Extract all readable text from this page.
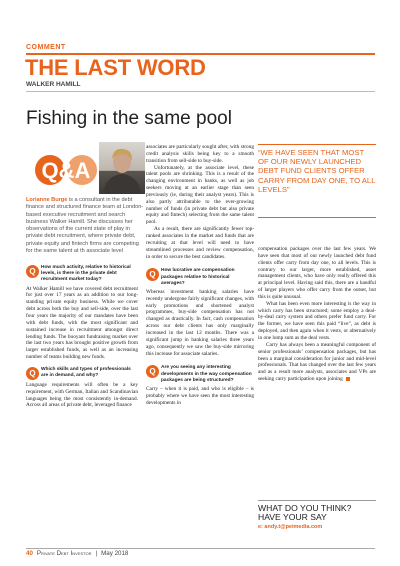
COMMENT
THE LAST WORD
WALKER HAMILL
Fishing in the same pool
Q&A
Lorianne Burge is a consultant in the debt finance and structured finance team at London-based executive recruitment and search business Walker Hamill. She discusses her observations of the current state of play in private debt recruitment, where private debt, private equity and fintech firms are competing for the same talent at th associate level
Q	How much activity, relative to historical levels, is there in the private debt recruitment market today?

At Walker Hamill we have covered debt recruitment for just over 17 years as an addition to our long-standing private equity business. While we cover debt across both the buy and sell-side, over the last four years the majority of our mandates have been with debt funds, with the most significant and sustained increase in recruitment amongst direct lending funds. The buoyant fundraising market over the last two years has brought positive growth from larger established funds, as well as an increasing number of teams building new funds.

Q	Which skills and types of professionals are in demand, and why?

Language requirements will often be a key requirement, with German, Italian and Scandinavian languages being the most consistently in-demand. Across all areas of private debt, leveraged finance

associates are particularly sought after, with strong credit analysis skills being key to a smooth transition from sell-side to buy-side.

Unfortunately, at the associate level, these talent pools are shrinking. This is a result of the changing environment in banks, as well as job seekers moving at an earlier stage than seen previously (ie, during their analyst years). This is also partly attributable to the ever-growing number of funds (in private debt but also private equity and fintech) selecting from the same talent pool.

As a result, there are significantly fewer top-ranked associates in the market and funds that are recruiting at that level will need to have streamlined processes and review compensation, in order to secure the best candidates.

Q	How lucrative are compensation packages relative to historical averages?

Whereas investment banking salaries have recently undergone fairly significant changes, with early promotions and shortened analyst programmes, buy-side compensation has not changed as drastically. In fact, cash compensation across our debt clients has only marginally increased in the last 12 months. There was a significant jump in banking salaries three years ago, consequently we saw the buy-side mirroring this increase for associate salaries.

Q	Are you seeing any interesting developments in the way compensation packages are being structured?

Carry – when it is paid, and who is eligible – is probably where we have seen the most interesting developments in

“WE HAVE SEEN THAT MOST OF OUR NEWLY LAUNCHED DEBT FUND CLIENTS OFFER CARRY FROM DAY ONE, TO ALL LEVELS”

compensation packages over the last few years. We have seen that most of our newly launched debt fund clients offer carry from day one, to all levels. This is contrary to our larger, more established, asset management clients, who have only really offered this at principal level. Having said this, there are a handful of larger players who offer carry from the outset, but this is quite unusual.

What has been even more interesting is the way in which carry has been structured; some employ a deal-by-deal carry system and others prefer fund carry. For the former, we have seen this paid “live”, as debt is deployed, and then again when it vests, or alternatively in one lump sum as the deal vests.

Carry has always been a meaningful component of senior professionals’ compensation packages, but has been a marginal consideration for junior and mid-level professionals. That has changed over the last few years and as a result more analysts, associates and VPs are seeking carry participation upon joining

WHAT DO YOU THINK? HAVE YOUR SAY
e: andy.t@peimedia.com
40 Private Debt Investor | May 2018
